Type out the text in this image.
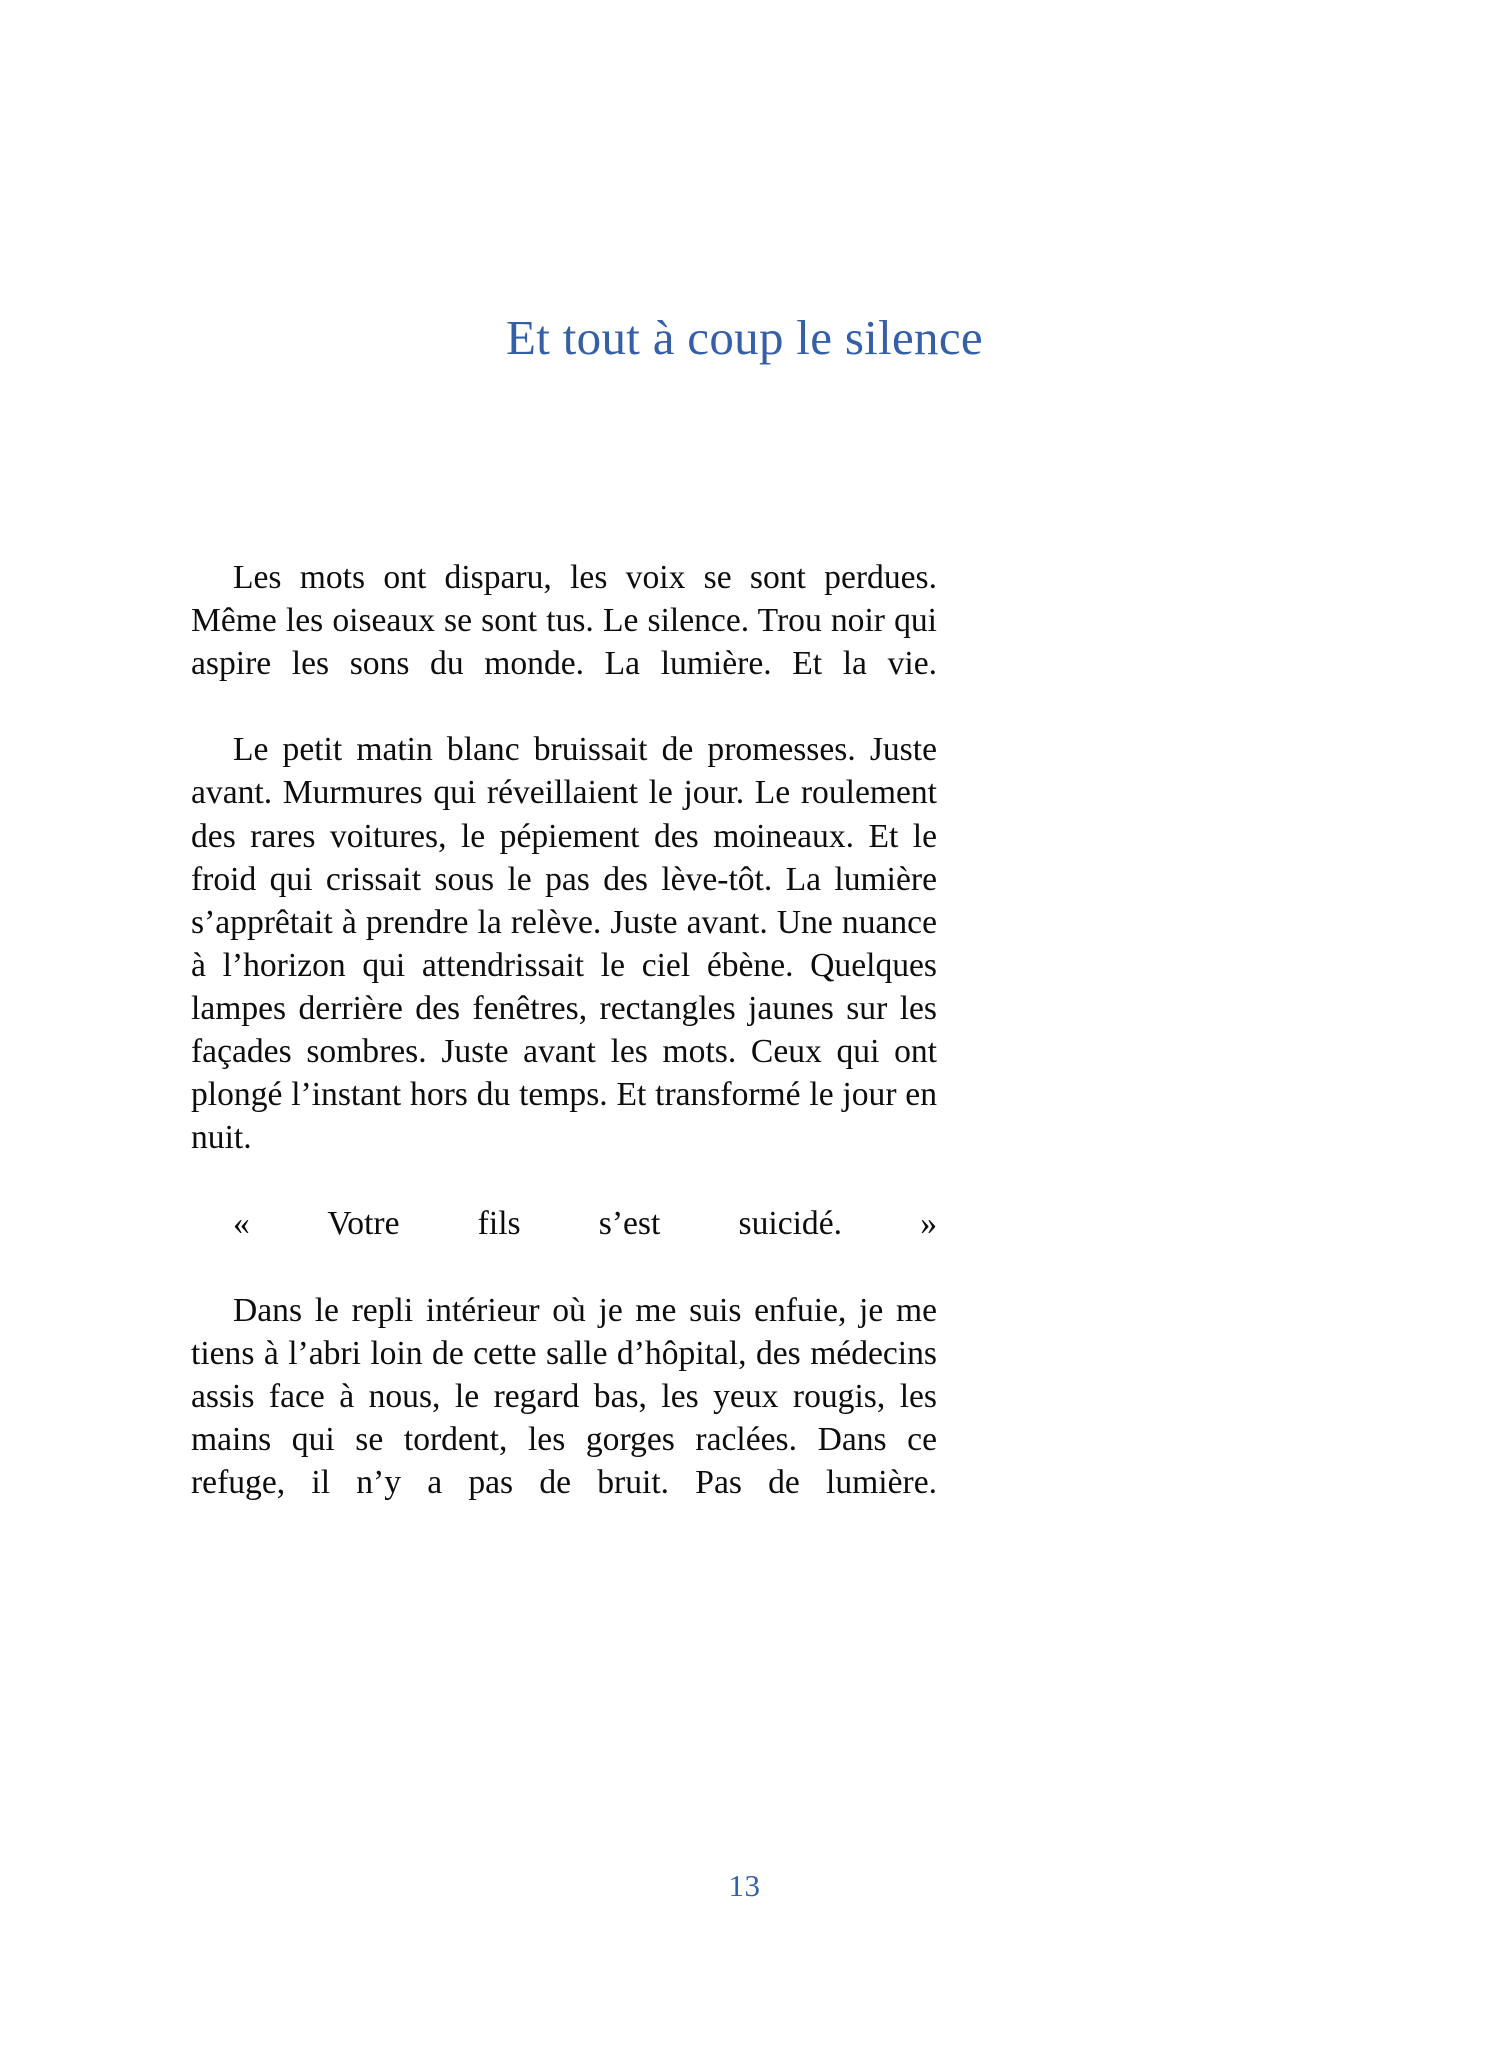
Et tout à coup le silence

Les mots ont disparu, les voix se sont perdues. Même les oiseaux se sont tus. Le silence. Trou noir qui aspire les sons du monde. La lumière. Et la vie.

Le petit matin blanc bruissait de promesses. Juste avant. Murmures qui réveillaient le jour. Le roulement des rares voitures, le pépiement des moineaux. Et le froid qui crissait sous le pas des lève-tôt. La lumière s’apprêtait à prendre la relève. Juste avant. Une nuance à l’horizon qui attendrissait le ciel ébène. Quelques lampes derrière des fenêtres, rectangles jaunes sur les façades sombres. Juste avant les mots. Ceux qui ont plongé l’instant hors du temps. Et transformé le jour en nuit.

« Votre fils s’est suicidé. »

Dans le repli intérieur où je me suis enfuie, je me tiens à l’abri loin de cette salle d’hôpital, des médecins assis face à nous, le regard bas, les yeux rougis, les mains qui se tordent, les gorges raclées. Dans ce refuge, il n’y a pas de bruit. Pas de lumière.

13
